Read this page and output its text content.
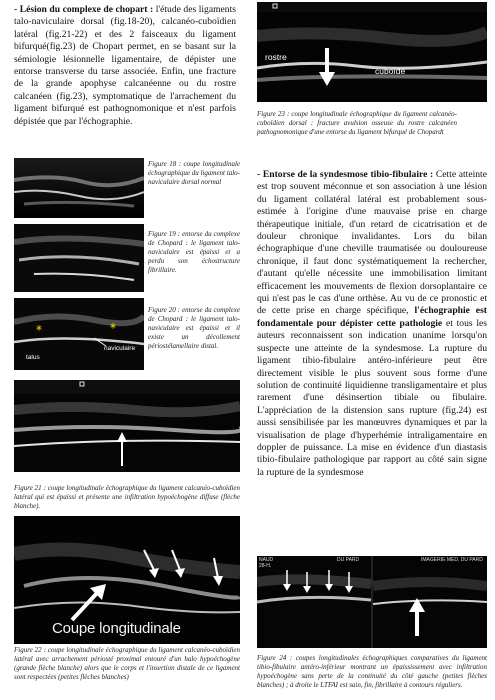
- Lésion du complexe de chopart : l'étude des ligaments talo-naviculaire dorsal (fig.18-20), calcanéo-cuboïdien latéral (fig.21-22) et des 2 faisceaux du ligament bifurqué(fig.23) de Chopart permet, en se basant sur la sémiologie lésionnelle ligamentaire, de dépister une entorse transverse du tarse associée. Enfin, une fracture de la grande apophyse calcanéenne ou du rostre calcanéen (fig.23), symptomatique de l'arrachement du ligament bifurqué est pathognomonique et n'est parfois dépistée que par l'échographie.

Figure 18 : coupe longitudinale échographique du ligament talo-naviculaire dorsal normal

Figure 19 : entorse du complexe de Chopard : le ligament talo-naviculaire est épaissi et a perdu son échostructure fibrillaire.

*	*
naviculaire
talus

Figure 20 : entorse du complexe de Chopard : le ligament talo-naviculaire est épaissi et il existe un décollement périostélamellaire distal.

Figure 21 : coupe longitudinale échographique du ligament calcanéo-cuboïdien latéral qui est épaissi et présente une infiltration hypoéchogène diffuse (flèche blanche).

Coupe longitudinale

Figure 22 : coupe longitudinale échographique du ligament calcanéo-cuboïdien latéral avec arrachement périosté proximal entouré d'un halo hypoéchogène (grande flèche blanche) alors que le corps et l'insertion distale de ce ligament sont respectées (petites flèches blanches)

rostre
cuboïde

Figure 23 : coupe longitudinale échographique du ligament calcanéo-cuboïdien dorsal : fracture avulsion osseuse du rostre calcanéen pathognomonique d'une entorse du ligament bifurqué de Chopardt

- Entorse de la syndesmose tibio-fibulaire : Cette atteinte est trop souvent méconnue et son association à une lésion du ligament collatéral latéral est probablement sous-estimée à l'origine d'une mauvaise prise en charge thérapeutique initiale, d'un retard de cicatrisation et de douleur chronique invalidantes. Lors du bilan échographique d'une cheville traumatisée ou douloureuse chronique, il faut donc systématiquement la rechercher, d'autant qu'elle nécessite une immobilisation limitant efficacement les mouvements de flexion dorsoplantaire ce qui n'est pas le cas d'une orthèse. Au vu de ce pronostic et de cette prise en charge spécifique, l'échographie est fondamentale pour dépister cette pathologie et tous les auteurs reconnaissent son indication unanime lorsqu'on suspecte une atteinte de la syndesmose. La rupture du ligament tibio-fibulaire antéro-inférieure peut être directement visible le plus souvent sous forme d'une solution de continuité liquidienne transligamentaire et plus rarement d'une désinsertion tibiale ou fibulaire. L'appréciation de la distension sans rupture (fig.24) est aussi sensibilisée par les manœuvres dynamiques et par la visualisation de plage d'hyperhémie intraligamentaire en doppler de puissance. La mise en évidence d'un diastasis tibio-fibulaire pathologique par rapport au côté sain signe la rupture de la syndesmose

NAUD
28-H.
DU PARD	IMAGERIE MED. DU PARD

Figure 24 : coupes longitudinales échographiques comparatives du ligament tibio-fibulaire antéro-inférieur montrant un épaississement avec infiltration hypoéchogène sans perte de la continuité du côté gauche (petites flèches blanches) ; à droite le LTFAI est sain, fin, fibrillaire à contours réguliers.
